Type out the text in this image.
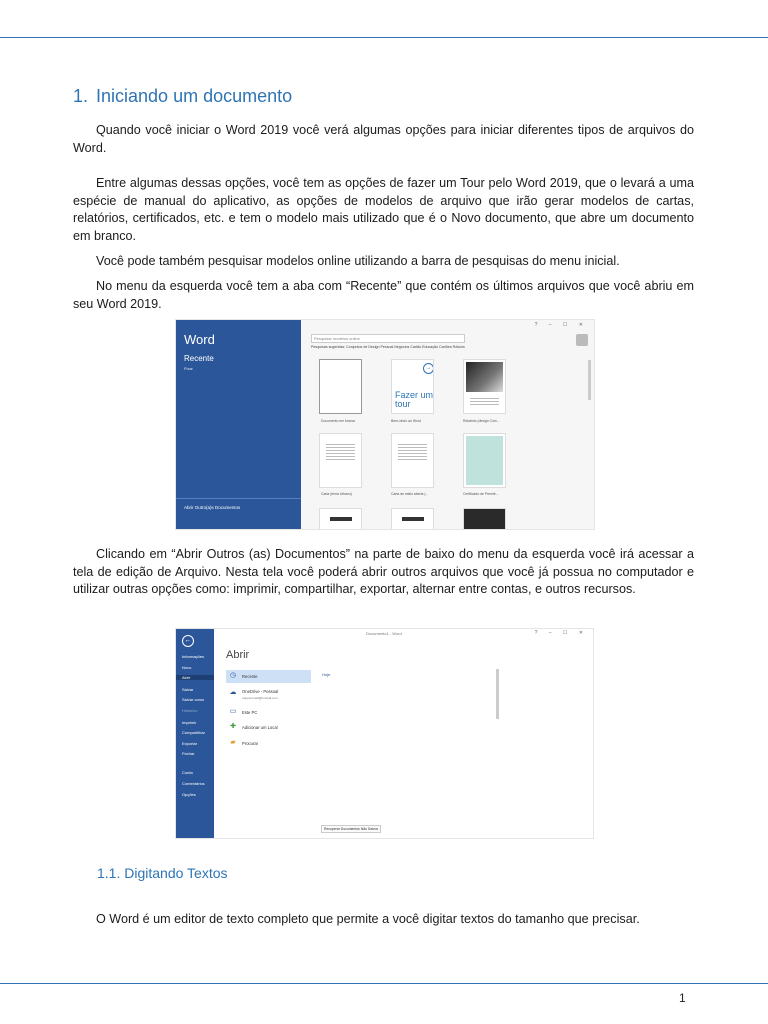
1. Iniciando um documento

Quando você iniciar o Word 2019 você verá algumas opções para iniciar diferentes tipos de arquivos do Word.

Entre algumas dessas opções, você tem as opções de fazer um Tour pelo Word 2019, que o levará a uma espécie de manual do aplicativo, as opções de modelos de arquivo que irão gerar modelos de cartas, relatórios, certificados, etc. e tem o modelo mais utilizado que é o Novo documento, que abre um documento em branco.

Você pode também pesquisar modelos online utilizando a barra de pesquisas do menu inicial.

No menu da esquerda você tem a aba com “Recente” que contém os últimos arquivos que você abriu em seu Word 2019.

Word
Recente
Fixar
Abrir Outro(a)s Documentos
? – ☐ ✕
Pesquisar modelos online
Pesquisas sugeridas: Conjuntos de Design Pessoal Negócios Cartão Educação Cartões Rótulos
Documento em branco
→
Fazer um tour
Bem-vindo ao Word	Relatório (design Com...
Carta (tema Urbano)	Carta de estilo aberta (...	Certificado de Premiê...

Clicando em “Abrir Outros (as) Documentos” na parte de baixo do menu da esquerda você irá acessar a tela de edição de Arquivo. Nesta tela você poderá abrir outros arquivos que você já possua no computador e utilizar outras opções como: imprimir, compartilhar, exportar, alternar entre contas, e outros recursos.

←
Informações
Novo
Abrir
Salvar
Salvar como
Histórico
Imprimir
Compartilhar
Exportar
Fechar
Conta
Comentários
Opções
Documento1 - Word	? – ☐ ✕
Abrir
◷ Recente
☁ OneDrive - Pessoal
treppersmail@hotmail.com
▭ Este PC
✚ Adicionar um Local
▰	Procurar
Hoje
Recuperar Documentos Não Salvos
1.1. Digitando Textos

O Word é um editor de texto completo que permite a você digitar textos do tamanho que precisar.

1
